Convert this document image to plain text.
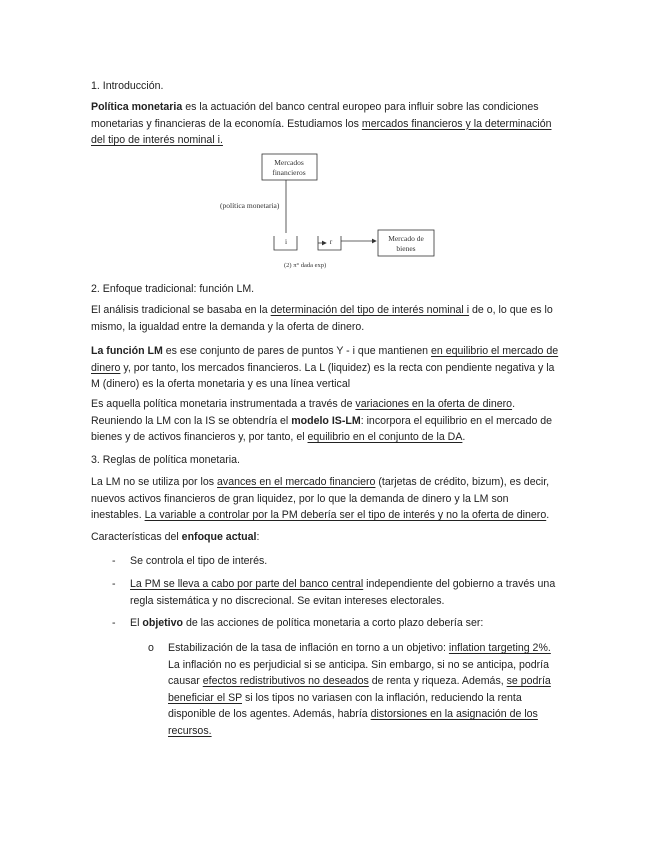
1. Introducción.

Política monetaria es la actuación del banco central europeo para influir sobre las condiciones monetarias y financieras de la economía. Estudiamos los mercados financieros y la determinación del tipo de interés nominal i.

Mercados
financieros
(política monetaria)
i	r	Mercado de
bienes
(2) π° dada exp)

2. Enfoque tradicional: función LM.

El análisis tradicional se basaba en la determinación del tipo de interés nominal i de o, lo que es lo mismo, la igualdad entre la demanda y la oferta de dinero.

La función LM es ese conjunto de pares de puntos Y - i que mantienen en equilibrio el mercado de dinero y, por tanto, los mercados financieros. La L (liquidez) es la recta con pendiente negativa y la M (dinero) es la oferta monetaria y es una línea vertical

Es aquella política monetaria instrumentada a través de variaciones en la oferta de dinero. Reuniendo la LM con la IS se obtendría el modelo IS-LM: incorpora el equilibrio en el mercado de bienes y de activos financieros y, por tanto, el equilibrio en el conjunto de la DA.

3. Reglas de política monetaria.

La LM no se utiliza por los avances en el mercado financiero (tarjetas de crédito, bizum), es decir, nuevos activos financieros de gran liquidez, por lo que la demanda de dinero y la LM son inestables. La variable a controlar por la PM debería ser el tipo de interés y no la oferta de dinero.

Características del enfoque actual:

-	Se controla el tipo de interés.

-	La PM se lleva a cabo por parte del banco central independiente del gobierno a través una regla sistemática y no discrecional. Se evitan intereses electorales.

-	El objetivo de las acciones de política monetaria a corto plazo debería ser:

o	Estabilización de la tasa de inflación en torno a un objetivo: inflation targeting 2%. La inflación no es perjudicial si se anticipa. Sin embargo, si no se anticipa, podría causar efectos redistributivos no deseados de renta y riqueza. Además, se podría beneficiar el SP si los tipos no variasen con la inflación, reduciendo la renta disponible de los agentes. Además, habría distorsiones en la asignación de los recursos.
